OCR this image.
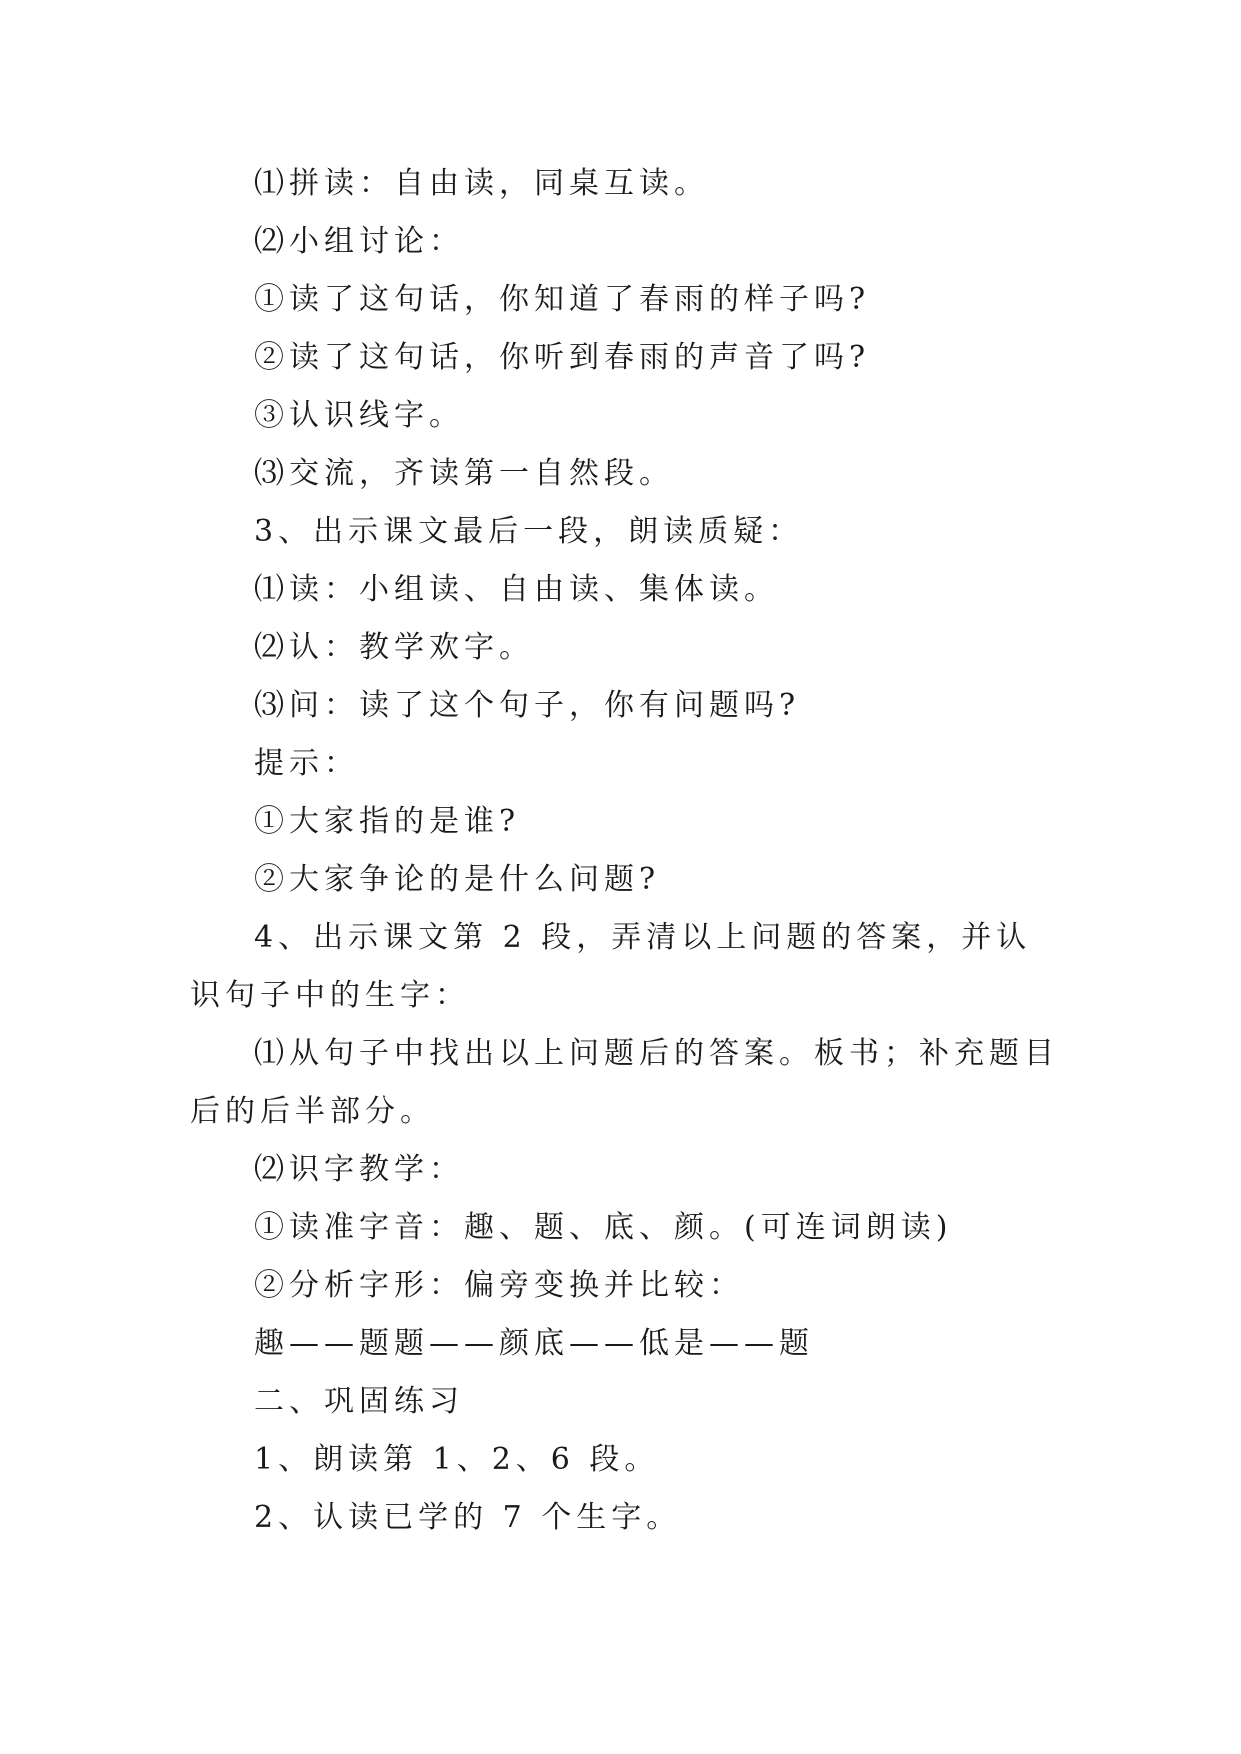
⑴拼读：自由读，同桌互读。

⑵小组讨论：

①读了这句话，你知道了春雨的样子吗?

②读了这句话，你听到春雨的声音了吗?

③认识线字。

⑶交流，齐读第一自然段。

3、出示课文最后一段，朗读质疑：

⑴读：小组读、自由读、集体读。

⑵认：教学欢字。

⑶问：读了这个句子，你有问题吗?

提示：

①大家指的是谁?

②大家争论的是什么问题?

4、出示课文第 2 段，弄清以上问题的答案，并认识句子中的生字：

⑴从句子中找出以上问题后的答案。板书；补充题目后的后半部分。

⑵识字教学：

①读准字音：趣、题、底、颜。(可连词朗读)

②分析字形：偏旁变换并比较：

趣——题题——颜底——低是——题

二、巩固练习

1、朗读第 1、2、6 段。

2、认读已学的 7 个生字。
